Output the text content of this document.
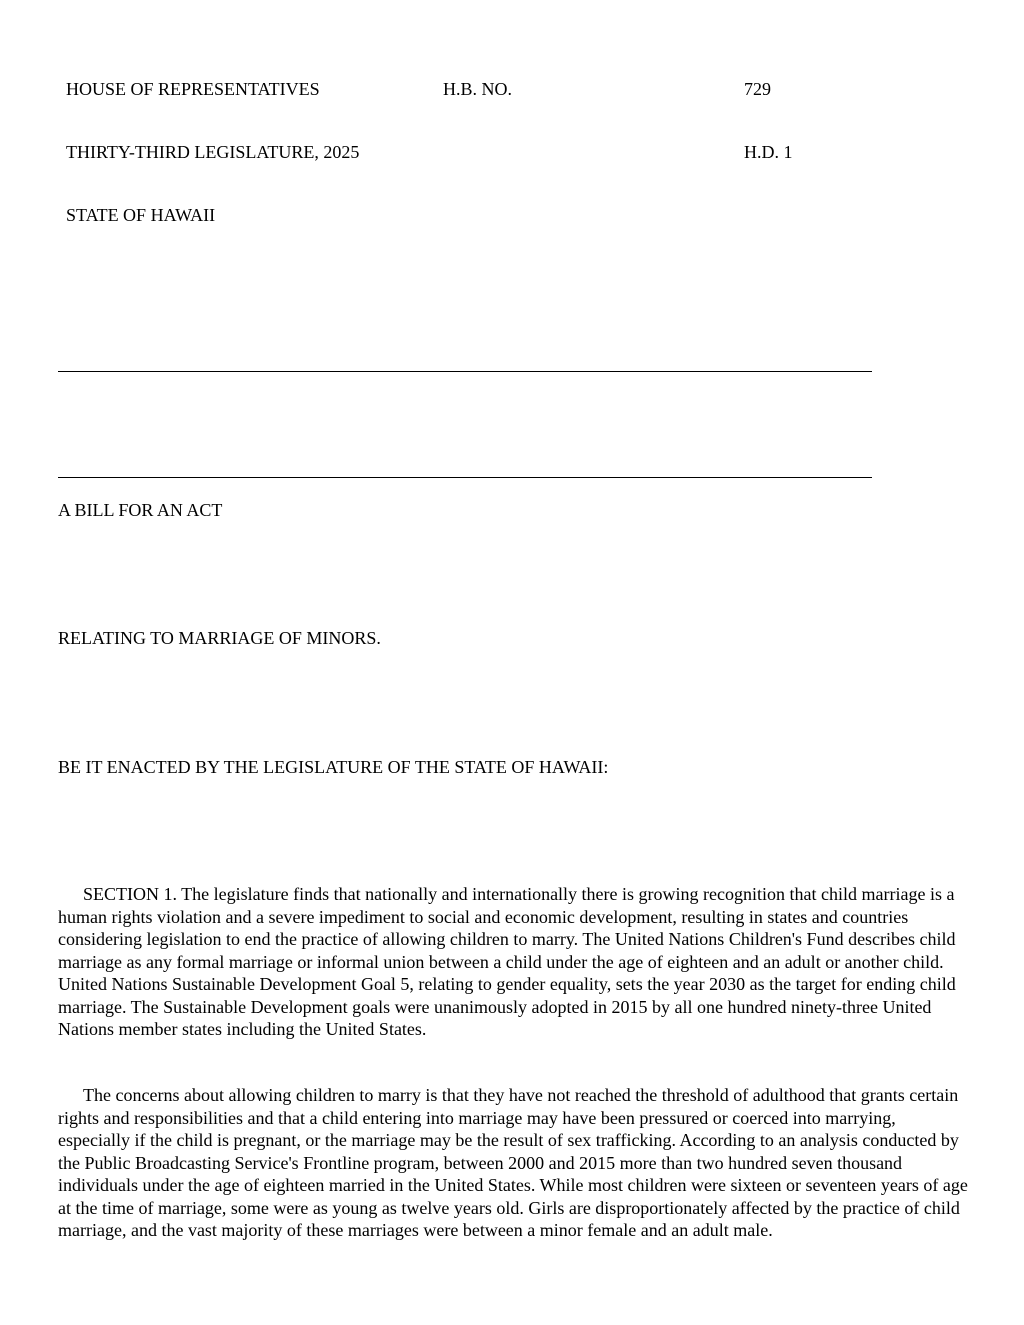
HOUSE OF REPRESENTATIVES	H.B. NO.	729
THIRTY-THIRD LEGISLATURE, 2025	H.D. 1
STATE OF HAWAII
A BILL FOR AN ACT
RELATING TO MARRIAGE OF MINORS.
BE IT ENACTED BY THE LEGISLATURE OF THE STATE OF HAWAII:
SECTION 1. The legislature finds that nationally and internationally there is growing recognition that child marriage is a human rights violation and a severe impediment to social and economic development, resulting in states and countries considering legislation to end the practice of allowing children to marry. The United Nations Children's Fund describes child marriage as any formal marriage or informal union between a child under the age of eighteen and an adult or another child. United Nations Sustainable Development Goal 5, relating to gender equality, sets the year 2030 as the target for ending child marriage. The Sustainable Development goals were unanimously adopted in 2015 by all one hundred ninety-three United Nations member states including the United States.
The concerns about allowing children to marry is that they have not reached the threshold of adulthood that grants certain rights and responsibilities and that a child entering into marriage may have been pressured or coerced into marrying, especially if the child is pregnant, or the marriage may be the result of sex trafficking. According to an analysis conducted by the Public Broadcasting Service's Frontline program, between 2000 and 2015 more than two hundred seven thousand individuals under the age of eighteen married in the United States. While most children were sixteen or seventeen years of age at the time of marriage, some were as young as twelve years old. Girls are disproportionately affected by the practice of child marriage, and the vast majority of these marriages were between a minor female and an adult male.
